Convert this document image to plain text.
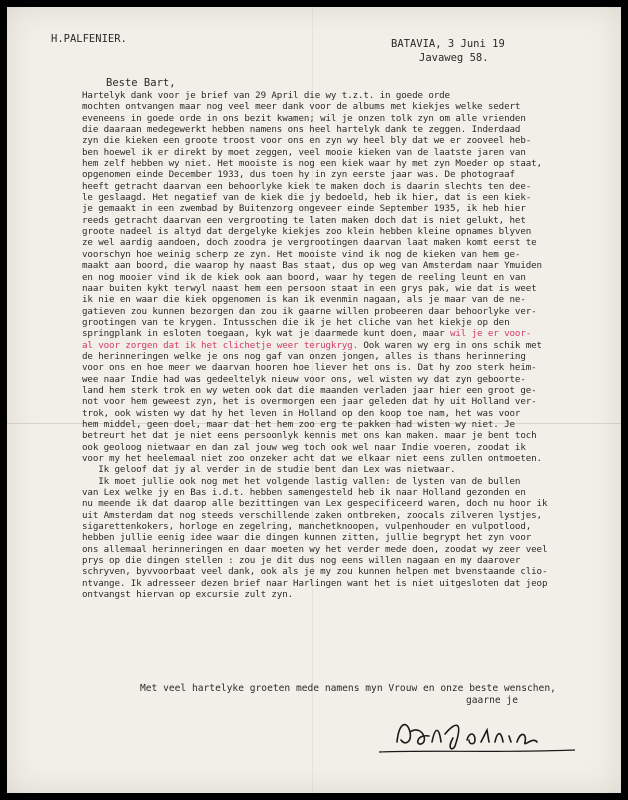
H.PALFENIER.	BATAVIA, 3 Juni 19
Javaweg 58.
Beste Bart,
Hartelyk dank voor je brief van 29 April die wy t.z.t. in goede orde
mochten ontvangen maar nog veel meer dank voor de albums met kiekjes welke sedert
eveneens in goede orde in ons bezit kwamen; wil je onzen tolk zyn om alle vrienden
die daaraan medegewerkt hebben namens ons heel hartelyk dank te zeggen. Inderdaad
zyn die kieken een groote troost voor ons en zyn wy heel bly dat we er zooveel heb-
ben hoewel ik er direkt by moet zeggen, veel mooie kieken van de laatste jaren van
hem zelf hebben wy niet. Het mooiste is nog een kiek waar hy met zyn Moeder op staat,
opgenomen einde December 1933, dus toen hy in zyn eerste jaar was. De photograaf
heeft getracht daarvan een behoorlyke kiek te maken doch is daarin slechts ten dee-
le geslaagd. Het negatief van de kiek die jy bedoeld, heb ik hier, dat is een kiek-
je gemaakt in een zwembad by Buitenzorg ongeveer einde September 1935, ik heb hier
reeds getracht daarvan een vergrooting te laten maken doch dat is niet gelukt, het
groote nadeel is altyd dat dergelyke kiekjes zoo klein hebben kleine opnames blyven
ze wel aardig aandoen, doch zoodra je vergrootingen daarvan laat maken komt eerst te
voorschyn hoe weinig scherp ze zyn. Het mooiste vind ik nog de kieken van hem ge-
maakt aan boord, die waarop hy naast Bas staat, dus op weg van Amsterdam naar Ymuiden
en nog mooier vind ik de kiek ook aan boord, waar hy tegen de reeling leunt en van
naar buiten kykt terwyl naast hem een persoon staat in een grys pak, wie dat is weet
ik nie en waar die kiek opgenomen is kan ik evenmin nagaan, als je maar van de ne-
gatieven zou kunnen bezorgen dan zou ik gaarne willen probeeren daar behoorlyke ver-
grootingen van te krygen. Intusschen die ik je het cliche van het kiekje op den
springplank in esloten toegaan, kyk wat je daarmede kunt doen, maar wil je er voor-
al voor zorgen dat ik het clichetje weer terugkryg. Ook waren wy erg in ons schik met
de herinneringen welke je ons nog gaf van onzen jongen, alles is thans herinnering
voor ons en hoe meer we daarvan hooren hoe liever het ons is. Dat hy zoo sterk heim-
wee naar Indie had was gedeeltelyk nieuw voor ons, wel wisten wy dat zyn geboorte-
land hem sterk trok en wy weten ook dat die maanden verladen jaar hier een groot ge-
not voor hem geweest zyn, het is overmorgen een jaar geleden dat hy uit Holland ver-
trok, ook wisten wy dat hy het leven in Holland op den koop toe nam, het was voor
hem middel, geen doel, maar dat het hem zoo erg te pakken had wisten wy niet. Je
betreurt het dat je niet eens persoonlyk kennis met ons kan maken. maar je bent toch
ook geoloog nietwaar en dan zal jouw weg toch ook wel naar Indie voeren, zoodat ik
voor my het heelemaal niet zoo onzeker acht dat we elkaar niet eens zullen ontmoeten.
Ik geloof dat jy al verder in de studie bent dan Lex was nietwaar.
Ik moet jullie ook nog met het volgende lastig vallen: de lysten van de bullen
van Lex welke jy en Bas i.d.t. hebben samengesteld heb ik naar Holland gezonden en
nu meende ik dat daarop alle bezittingen van Lex gespecificeerd waren, doch nu hoor ik
uit Amsterdam dat nog steeds verschillende zaken ontbreken, zoocals zilveren lystjes,
sigarettenkokers, horloge en zegelring, manchetknoopen, vulpenhouder en vulpotlood,
hebben jullie eenig idee waar die dingen kunnen zitten, jullie begrypt het zyn voor
ons allemaal herinneringen en daar moeten wy het verder mede doen, zoodat wy zeer veel
prys op die dingen stellen : zou je dit dus nog eens willen nagaan en my daarover
schryven, byvvoorbaat veel dank, ook als je my zou kunnen helpen met bvenstaande clio-
ntvange. Ik adresseer dezen brief naar Harlingen want het is niet uitgesloten dat jeop
ontvangst hiervan op excursie zult zyn.
Met veel hartelyke groeten mede namens myn Vrouw en onze beste wenschen,
gaarne je
